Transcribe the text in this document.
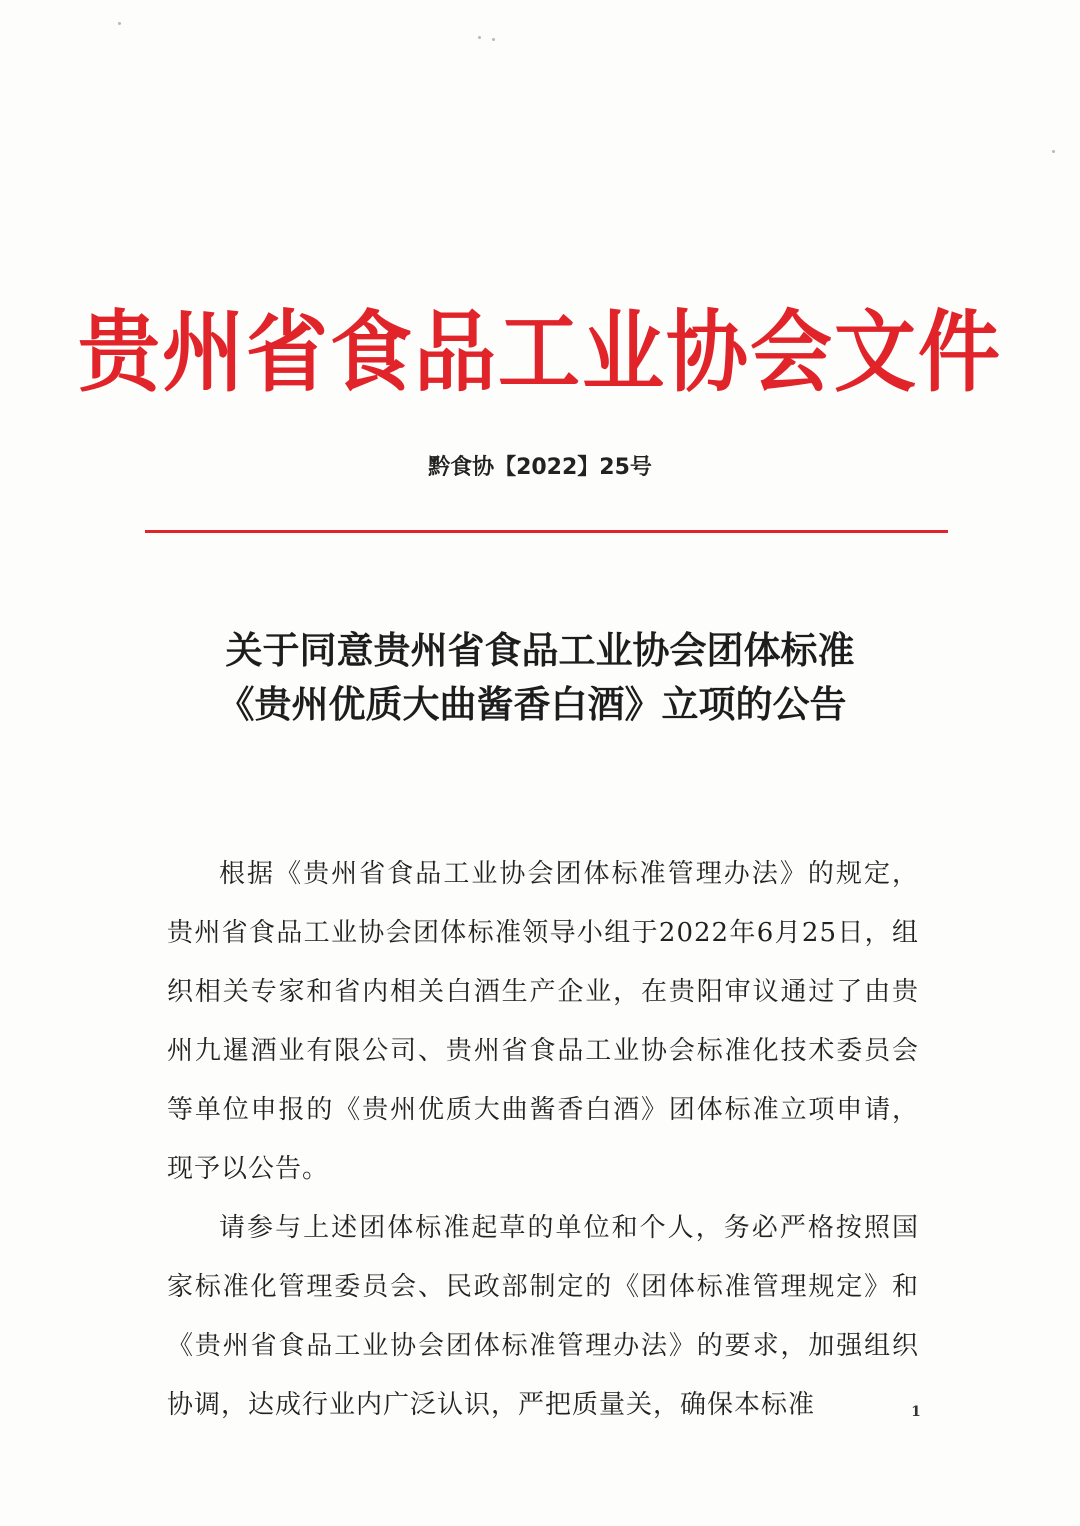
贵州省食品工业协会文件
黔食协【2022】25号
关于同意贵州省食品工业协会团体标准
《贵州优质大曲酱香白酒》立项的公告

根据《贵州省食品工业协会团体标准管理办法》的规定，贵州省食品工业协会团体标准领导小组于2022年6月25日，组织相关专家和省内相关白酒生产企业，在贵阳审议通过了由贵州九暹酒业有限公司、贵州省食品工业协会标准化技术委员会等单位申报的《贵州优质大曲酱香白酒》团体标准立项申请，现予以公告。

请参与上述团体标准起草的单位和个人，务必严格按照国家标准化管理委员会、民政部制定的《团体标准管理规定》和《贵州省食品工业协会团体标准管理办法》的要求，加强组织协调，达成行业内广泛认识，严把质量关，确保本标准	1
